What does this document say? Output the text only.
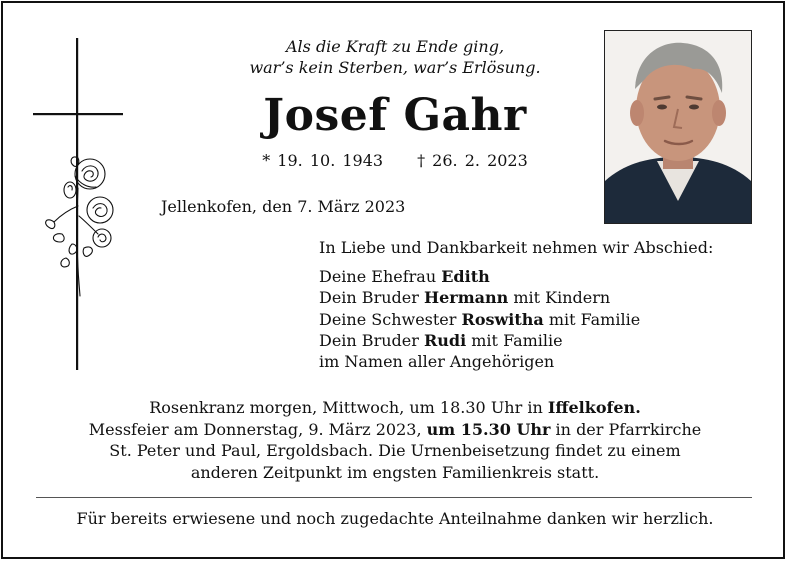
Als die Kraft zu Ende ging,
war’s kein Sterben, war’s Erlösung.
Josef Gahr
* 19. 10. 1943 † 26. 2. 2023
Jellenkofen, den 7. März 2023
In Liebe und Dankbarkeit nehmen wir Abschied:
Deine Ehefrau Edith
Dein Bruder Hermann mit Kindern
Deine Schwester Roswitha mit Familie
Dein Bruder Rudi mit Familie
im Namen aller Angehörigen
Rosenkranz morgen, Mittwoch, um 18.30 Uhr in Iffelkofen.
Messfeier am Donnerstag, 9. März 2023, um 15.30 Uhr in der Pfarrkirche
St. Peter und Paul, Ergoldsbach. Die Urnenbeisetzung findet zu einem
anderen Zeitpunkt im engsten Familienkreis statt.
Für bereits erwiesene und noch zugedachte Anteilnahme danken wir herzlich.
